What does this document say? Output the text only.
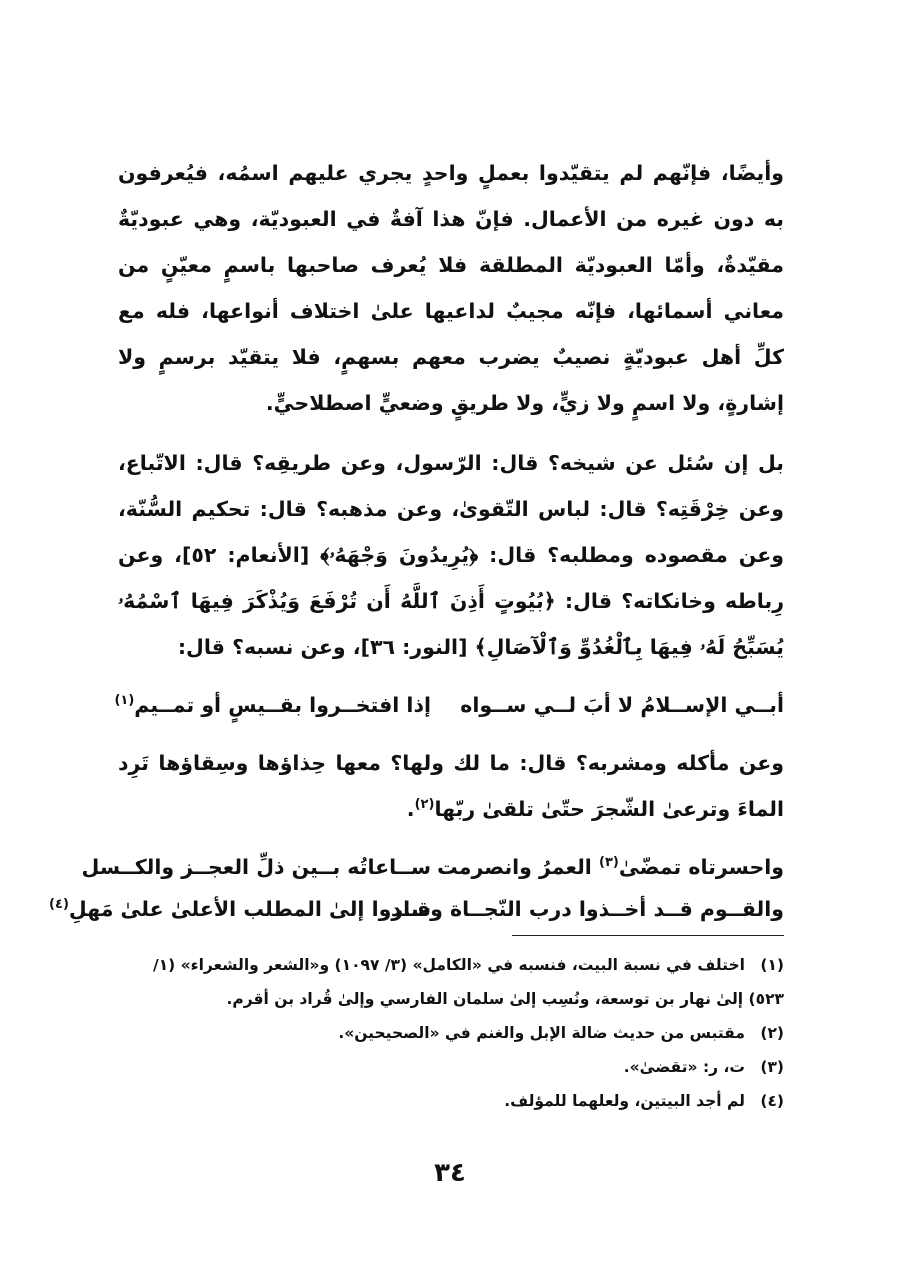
وأيضًا، فإنّهم لم يتقيّدوا بعملٍ واحدٍ يجري عليهم اسمُه، فيُعرفون به دون غيره من الأعمال. فإنّ هذا آفةٌ في العبوديّة، وهي عبوديّةٌ مقيّدةٌ، وأمّا العبوديّة المطلقة فلا يُعرف صاحبها باسمٍ معيّنٍ من معاني أسمائها، فإنّه مجيبٌ لداعيها علىٰ اختلاف أنواعها، فله مع كلِّ أهل عبوديّةٍ نصيبٌ يضرب معهم بسهمٍ، فلا يتقيّد برسمٍ ولا إشارةٍ، ولا اسمٍ ولا زيٍّ، ولا طريقٍ وضعيٍّ اصطلاحيٍّ.

بل إن سُئل عن شيخه؟ قال: الرّسول، وعن طريقِه؟ قال: الاتّباع، وعن خِرْقَتِه؟ قال: لباس التّقوىٰ، وعن مذهبه؟ قال: تحكيم السُّنّة، وعن مقصوده ومطلبه؟ قال: ﴿يُرِيدُونَ وَجْهَهُۥ﴾ [الأنعام: ٥٢]، وعن رِباطه وخانكاته؟ قال: ﴿بُيُوتٍ أَذِنَ ٱللَّهُ أَن تُرْفَعَ وَيُذْكَرَ فِيهَا ٱسْمُهُۥ يُسَبِّحُ لَهُۥ فِيهَا بِٱلْغُدُوِّ وَٱلْآصَالِ﴾ [النور: ٣٦]، وعن نسبه؟ قال:

أبــي الإســلامُ لا أبَ لــي ســواه
إذا افتخــروا بقــيسٍ أو تمــيم$^{(١)}$

وعن مأكله ومشربه؟ قال: ما لك ولها؟ معها حِذاؤها وسِقاؤها تَرِد الماءَ وترعىٰ الشّجرَ حتّىٰ تلقىٰ ربّها$^{(٢)}$.

واحسرتاه تمضّىٰ$^{(٣)}$ العمرُ وانصرمت
ســاعاتُه بــين ذلِّ العجــز والكــسل
والقــوم قــد أخــذوا درب النّجــاة وقــد
ساروا إلىٰ المطلب الأعلىٰ علىٰ مَهلِ$^{(٤)}$

(١) اختلف في نسبة البيت، فنسبه في «الكامل» (٣/ ١٠٩٧) و«الشعر والشعراء» (١/ ٥٢٣) إلىٰ نهار بن توسعة، ونُسِب إلىٰ سلمان الفارسي وإلىٰ قُراد بن أقرم.

(٢) مقتبس من حديث ضالة الإبل والغنم في «الصحيحين».

(٣) ت، ر: «تقضىٰ».

(٤) لم أجد البيتين، ولعلهما للمؤلف.

٣٤
